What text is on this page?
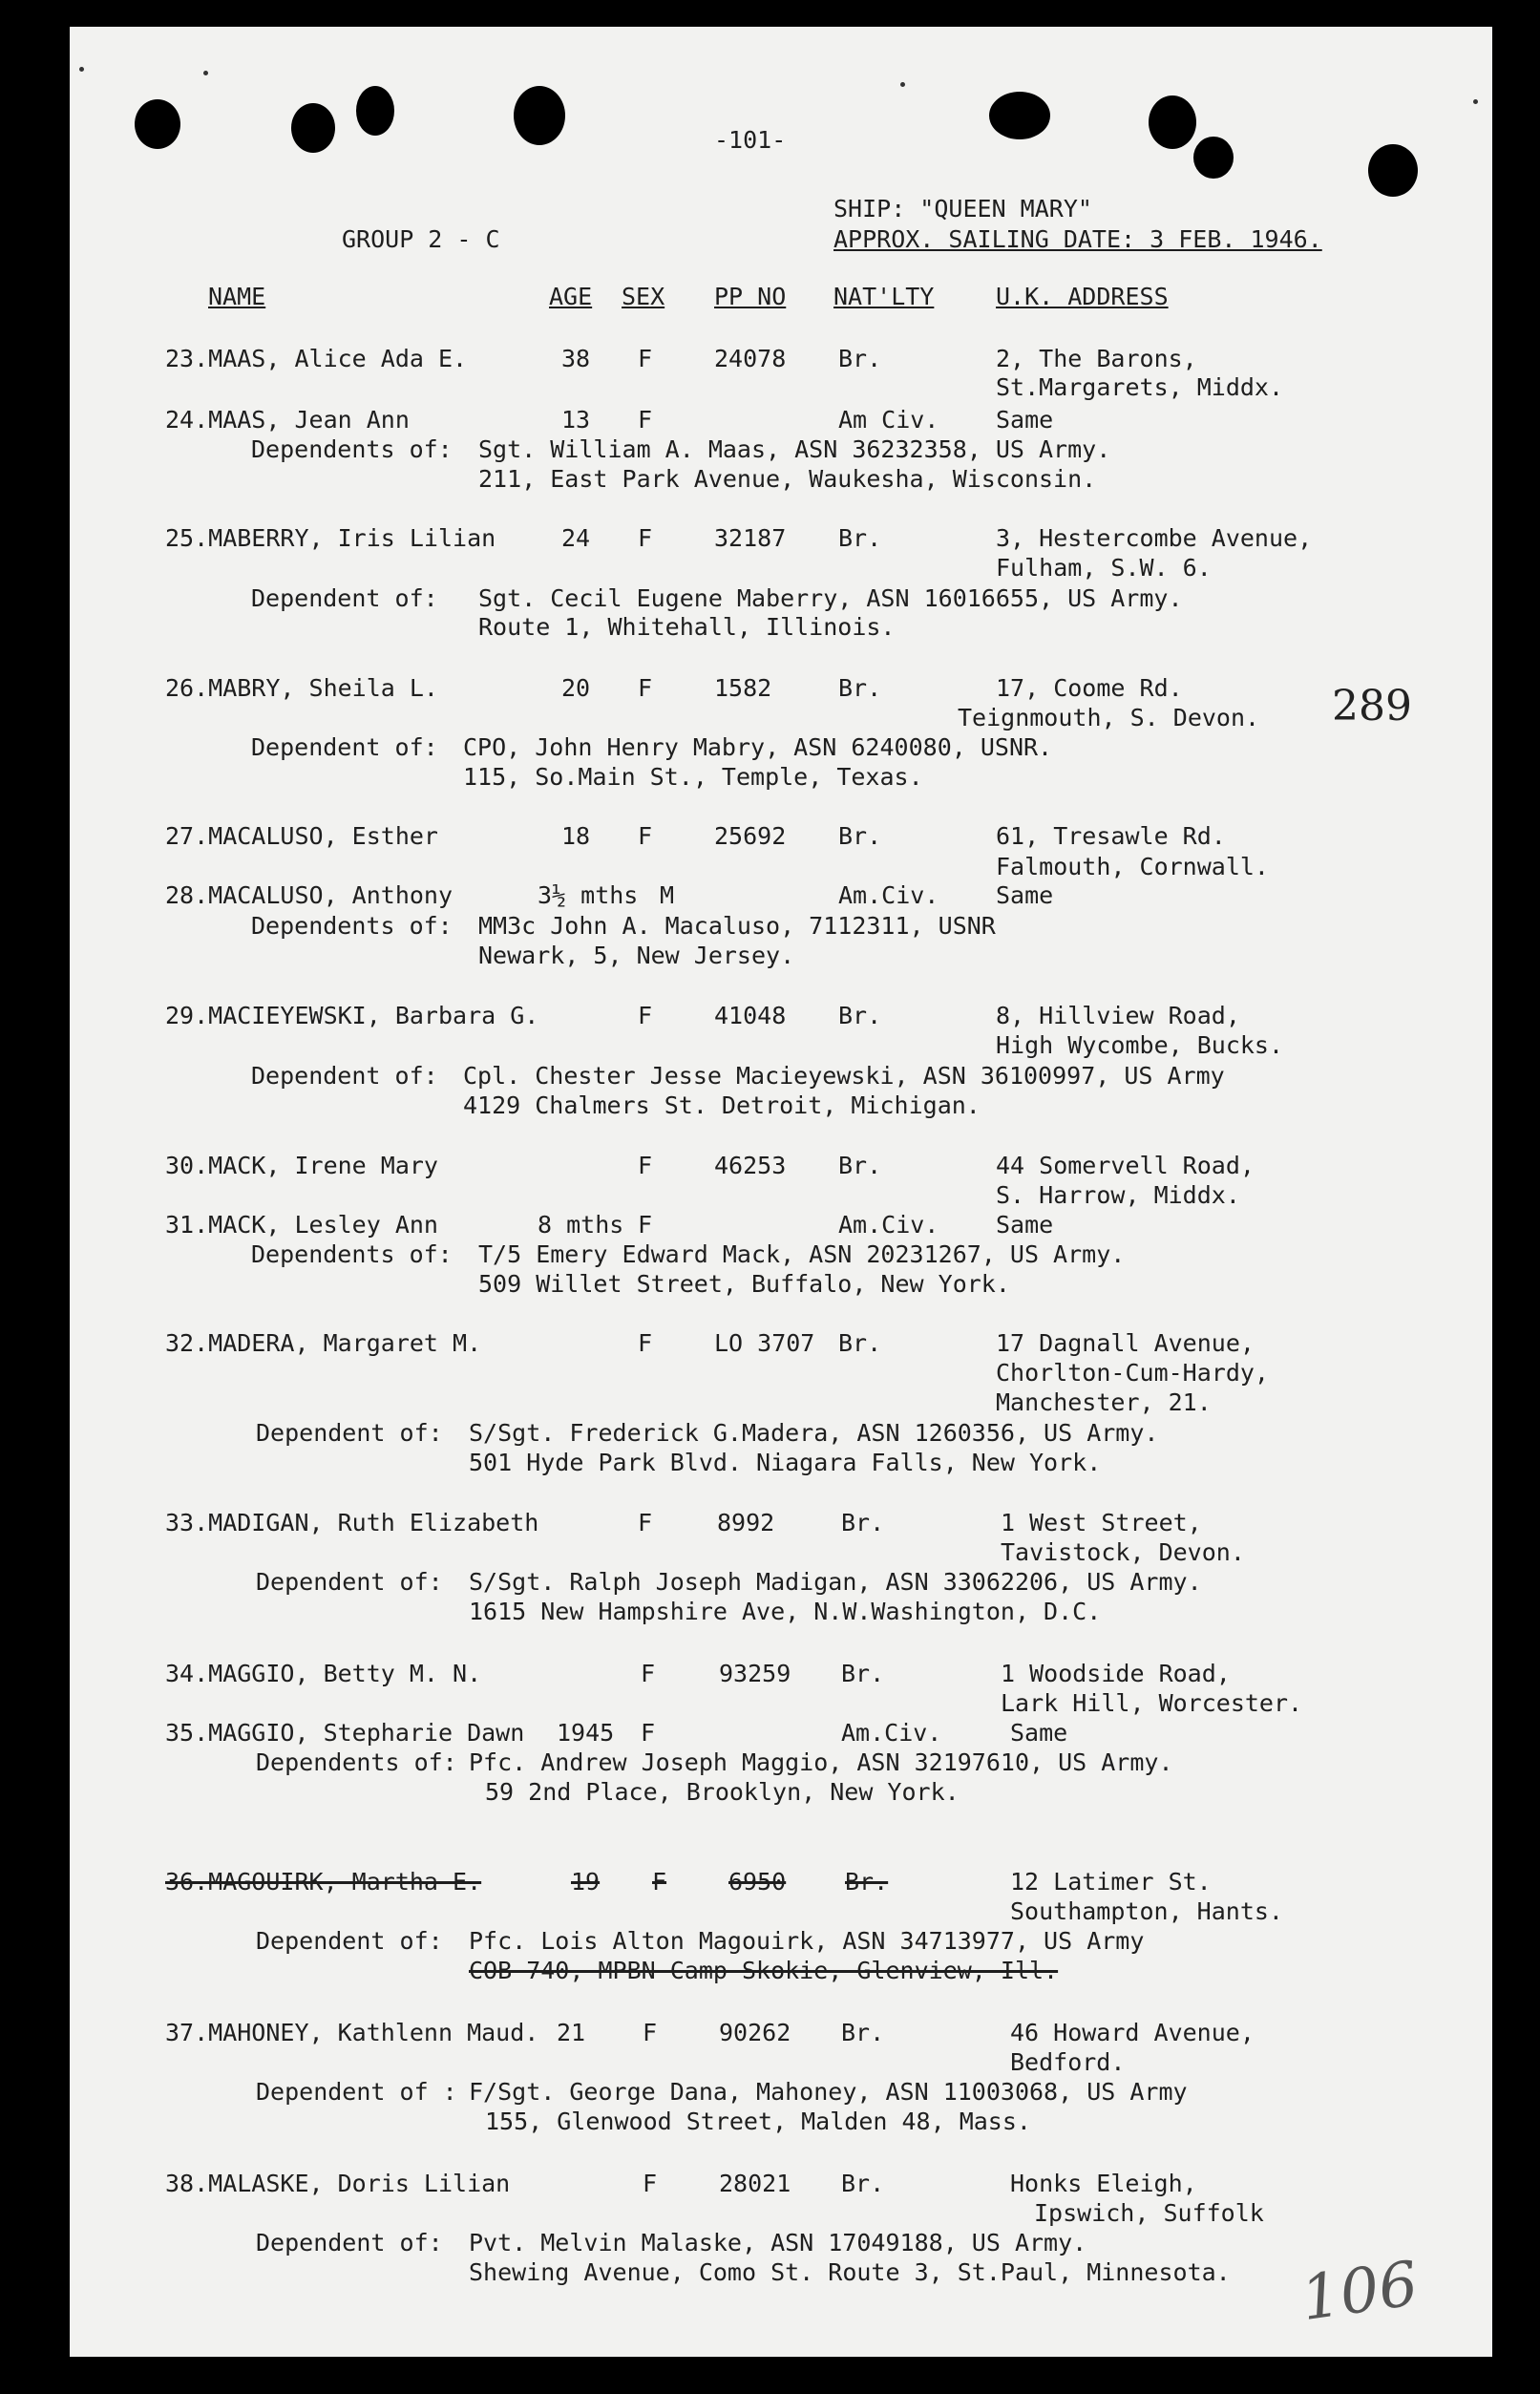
-101-
SHIP: "QUEEN MARY"
APPROX. SAILING DATE: 3 FEB. 1946.
GROUP 2 - C
NAME	AGE SEX PP NO NAT'LTY	U.K. ADDRESS
23.MAAS, Alice Ada E.	38 F	24078 Br.	2, The Barons,
St.Margarets, Middx.
24.MAAS, Jean Ann	13 F	Am Civ. Same
Dependents of: Sgt. William A. Maas, ASN 36232358, US Army.
211, East Park Avenue, Waukesha, Wisconsin.
25.MABERRY, Iris Lilian	24 F	32187 Br.	3, Hestercombe Avenue,
Fulham, S.W. 6.
Dependent of: Sgt. Cecil Eugene Maberry, ASN 16016655, US Army.
Route 1, Whitehall, Illinois.
26.MABRY, Sheila L.	20 F	1582	Br.	17, Coome Rd.
Teignmouth, S. Devon. 289
Dependent of: CPO, John Henry Mabry, ASN 6240080, USNR.
115, So.Main St., Temple, Texas.
27.MACALUSO, Esther	18 F	25692 Br.	61, Tresawle Rd.
Falmouth, Cornwall.
28.MACALUSO, Anthony	3½ mths M	Am.Civ. Same
Dependents of: MM3c John A. Macaluso, 7112311, USNR
Newark, 5, New Jersey.
29.MACIEYEWSKI, Barbara G.	F	41048 Br.	8, Hillview Road,
High Wycombe, Bucks.
Dependent of: Cpl. Chester Jesse Macieyewski, ASN 36100997, US Army
4129 Chalmers St. Detroit, Michigan.
30.MACK, Irene Mary	F	46253 Br.	44 Somervell Road,
S. Harrow, Middx.
31.MACK, Lesley Ann	8 mths F	Am.Civ. Same
Dependents of: T/5 Emery Edward Mack, ASN 20231267, US Army.
509 Willet Street, Buffalo, New York.
32.MADERA, Margaret M.	F	LO 3707 Br.	17 Dagnall Avenue,
Chorlton-Cum-Hardy,
Manchester, 21.
Dependent of: S/Sgt. Frederick G.Madera, ASN 1260356, US Army.
501 Hyde Park Blvd. Niagara Falls, New York.
33.MADIGAN, Ruth Elizabeth	F	8992	Br.	1 West Street,
Tavistock, Devon.
Dependent of: S/Sgt. Ralph Joseph Madigan, ASN 33062206, US Army.
1615 New Hampshire Ave, N.W.Washington, D.C.
34.MAGGIO, Betty M. N.	F	93259 Br.	1 Woodside Road,
Lark Hill, Worcester.
35.MAGGIO, Stepharie Dawn 1945 F	Am.Civ.	Same
Dependents of: Pfc. Andrew Joseph Maggio, ASN 32197610, US Army.
59 2nd Place, Brooklyn, New York.
36.MAGOUIRK, Martha E.	19 F	6950 Br.	12 Latimer St.
Southampton, Hants.
Dependent of: Pfc. Lois Alton Magouirk, ASN 34713977, US Army
COB 740, MPBN Camp Skokie, Glenview, Ill.
37.MAHONEY, Kathlenn Maud. 21 F	90262 Br.	46 Howard Avenue,
Bedford.
Dependent of : F/Sgt. George Dana, Mahoney, ASN 11003068, US Army
155, Glenwood Street, Malden 48, Mass.
38.MALASKE, Doris Lilian	F	28021 Br.	Honks Eleigh,
Ipswich, Suffolk
Dependent of: Pvt. Melvin Malaske, ASN 17049188, US Army.
Shewing Avenue, Como St. Route 3, St.Paul, Minnesota. 106
